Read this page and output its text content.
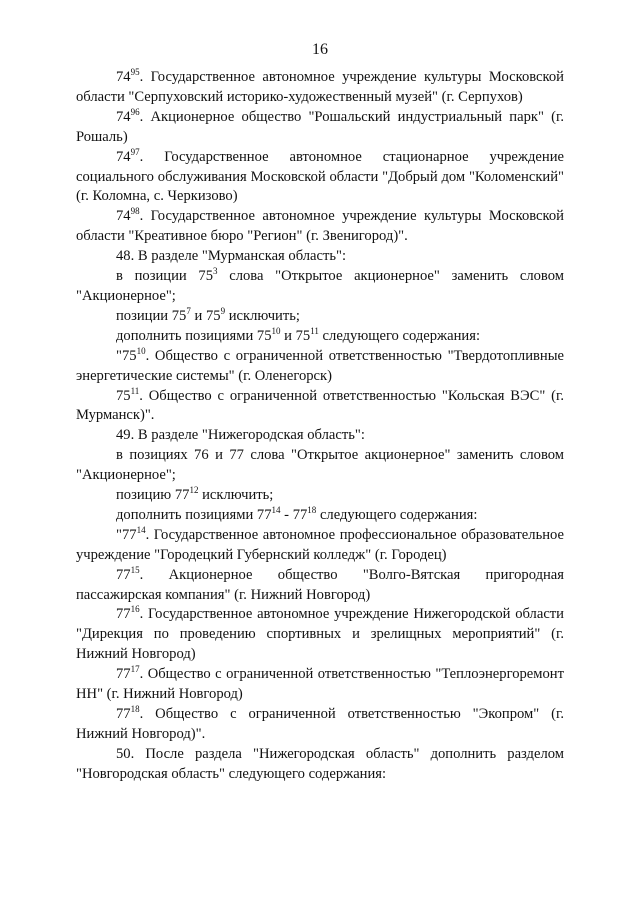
16

$74^{95}$. Государственное автономное учреждение культуры Московской области "Серпуховский историко-художественный музей" (г. Серпухов)

$74^{96}$. Акционерное общество "Рошальский индустриальный парк" (г. Рошаль)

$74^{97}$. Государственное автономное стационарное учреждение социального обслуживания Московской области "Добрый дом "Коломенский" (г. Коломна, с. Черкизово)

$74^{98}$. Государственное автономное учреждение культуры Московской области "Креативное бюро "Регион" (г. Звенигород)".

48. В разделе "Мурманская область":

в позиции $75^3$ слова "Открытое акционерное" заменить словом "Акционерное";

позиции $75^7$ и $75^9$ исключить;

дополнить позициями $75^{10}$ и $75^{11}$ следующего содержания:

"$75^{10}$. Общество с ограниченной ответственностью "Твердотопливные энергетические системы" (г. Оленегорск)

$75^{11}$. Общество с ограниченной ответственностью "Кольская ВЭС" (г. Мурманск)".

49. В разделе "Нижегородская область":

в позициях 76 и 77 слова "Открытое акционерное" заменить словом "Акционерное";

позицию $77^{12}$ исключить;

дополнить позициями $77^{14} - 77^{18}$ следующего содержания:

"$77^{14}$. Государственное автономное профессиональное образовательное учреждение "Городецкий Губернский колледж" (г. Городец)

$77^{15}$. Акционерное общество "Волго-Вятская пригородная пассажирская компания" (г. Нижний Новгород)

$77^{16}$. Государственное автономное учреждение Нижегородской области "Дирекция по проведению спортивных и зрелищных мероприятий" (г. Нижний Новгород)

$77^{17}$. Общество с ограниченной ответственностью "Теплоэнергоремонт НН" (г. Нижний Новгород)

$77^{18}$. Общество с ограниченной ответственностью "Экопром" (г. Нижний Новгород)".

50. После раздела "Нижегородская область" дополнить разделом "Новгородская область" следующего содержания:
